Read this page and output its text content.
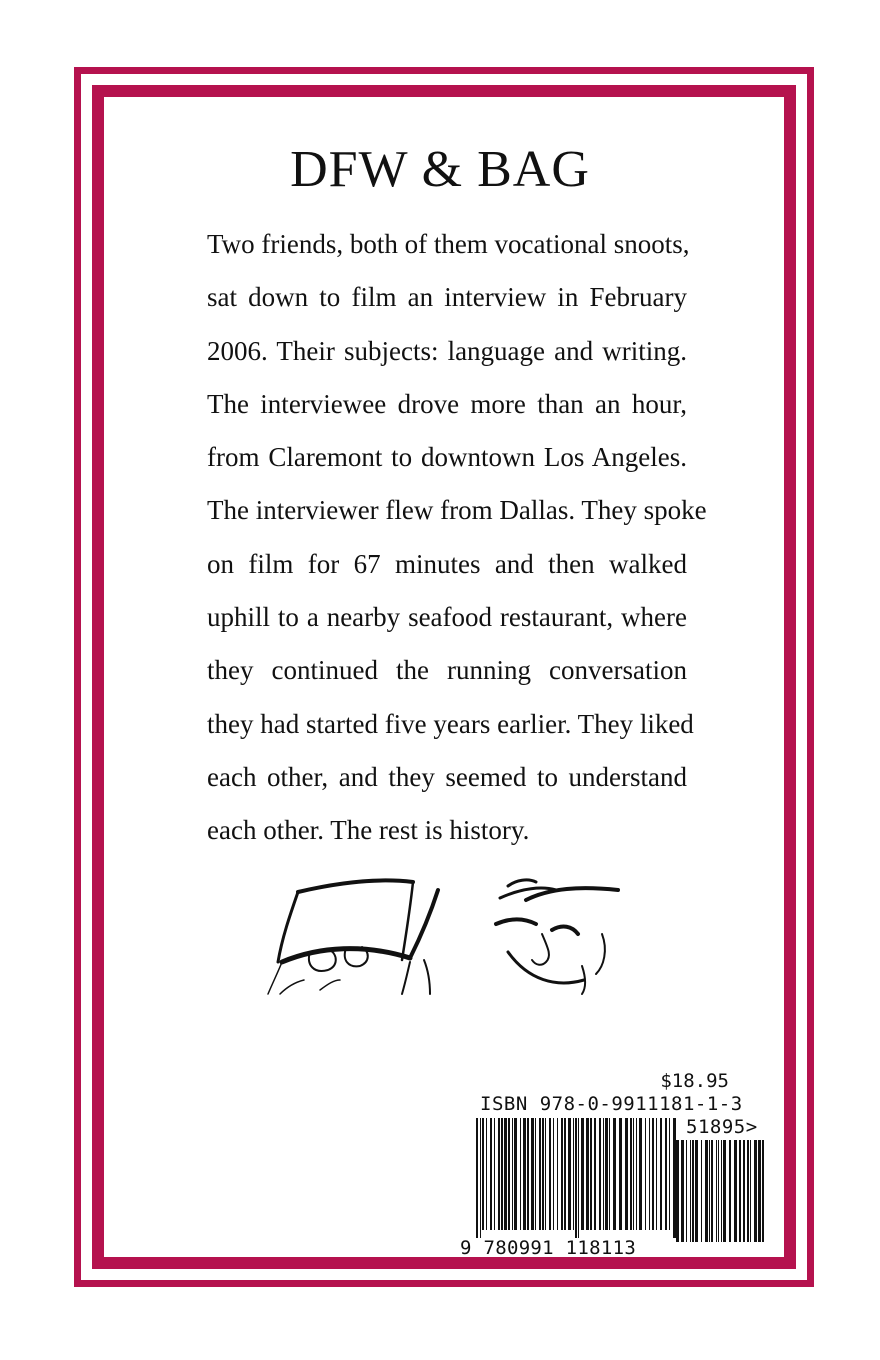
DFW & BAG
Two friends, both of them vocational snoots,
sat down to film an interview in February
2006. Their subjects: language and writing.
The interviewee drove more than an hour,
from Claremont to downtown Los Angeles.
The interviewer flew from Dallas. They spoke
on film for 67 minutes and then walked
uphill to a nearby seafood restaurant, where
they continued the running conversation
they had started five years earlier. They liked
each other, and they seemed to understand
each other. The rest is history.
$18.95
ISBN 978-0-9911181-1-3
51895>
9 780991 118113
